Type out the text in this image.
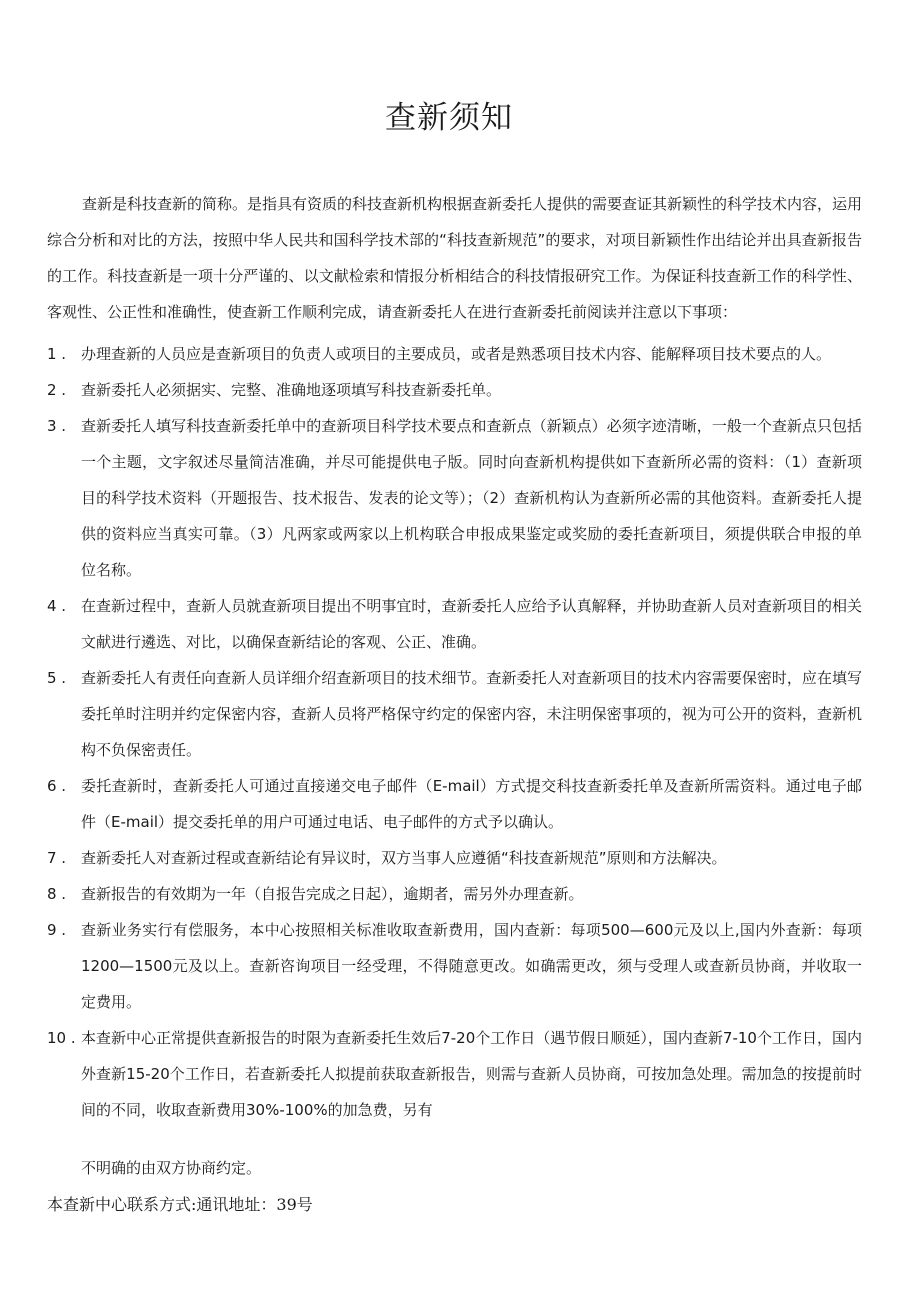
查新须知

查新是科技查新的简称。是指具有资质的科技查新机构根据查新委托人提供的需要查证其新颖性的科学技术内容，运用综合分析和对比的方法，按照中华人民共和国科学技术部的“科技查新规范”的要求，对项目新颖性作出结论并出具查新报告的工作。科技查新是一项十分严谨的、以文献检索和情报分析相结合的科技情报研究工作。为保证科技查新工作的科学性、客观性、公正性和准确性，使查新工作顺利完成，请查新委托人在进行查新委托前阅读并注意以下事项：

1 . 办理查新的人员应是查新项目的负责人或项目的主要成员，或者是熟悉项目技术内容、能解释项目技术要点的人。
2 . 查新委托人必须据实、完整、准确地逐项填写科技查新委托单。
3 . 查新委托人填写科技查新委托单中的查新项目科学技术要点和查新点（新颖点）必须字迹清晰，一般一个查新点只包括一个主题，文字叙述尽量简洁准确，并尽可能提供电子版。同时向查新机构提供如下查新所必需的资料：（1）查新项目的科学技术资料（开题报告、技术报告、发表的论文等）；（2）查新机构认为查新所必需的其他资料。查新委托人提供的资料应当真实可靠。（3）凡两家或两家以上机构联合申报成果鉴定或奖励的委托查新项目，须提供联合申报的单位名称。
4 . 在查新过程中，查新人员就查新项目提出不明事宜时，查新委托人应给予认真解释，并协助查新人员对查新项目的相关文献进行遴选、对比，以确保查新结论的客观、公正、准确。
5 . 查新委托人有责任向查新人员详细介绍查新项目的技术细节。查新委托人对查新项目的技术内容需要保密时，应在填写委托单时注明并约定保密内容，查新人员将严格保守约定的保密内容，未注明保密事项的，视为可公开的资料，查新机构不负保密责任。
6 . 委托查新时，查新委托人可通过直接递交电子邮件（E-mail）方式提交科技查新委托单及查新所需资料。通过电子邮件（E-mail）提交委托单的用户可通过电话、电子邮件的方式予以确认。
7 . 查新委托人对查新过程或查新结论有异议时，双方当事人应遵循“科技查新规范”原则和方法解决。
8 . 查新报告的有效期为一年（自报告完成之日起），逾期者，需另外办理查新。
9 . 查新业务实行有偿服务，本中心按照相关标准收取查新费用，国内查新：每项500—600元及以上,国内外查新：每项1200—1500元及以上。查新咨询项目一经受理，不得随意更改。如确需更改，须与受理人或查新员协商，并收取一定费用。
10 . 本查新中心正常提供查新报告的时限为查新委托生效后7-20个工作日（遇节假日顺延），国内查新7-10个工作日，国内外查新15-20个工作日，若查新委托人拟提前获取查新报告，则需与查新人员协商，可按加急处理。需加急的按提前时间的不同，收取查新费用30%-100%的加急费，另有

不明确的由双方协商约定。

本查新中心联系方式:通讯地址：39号
